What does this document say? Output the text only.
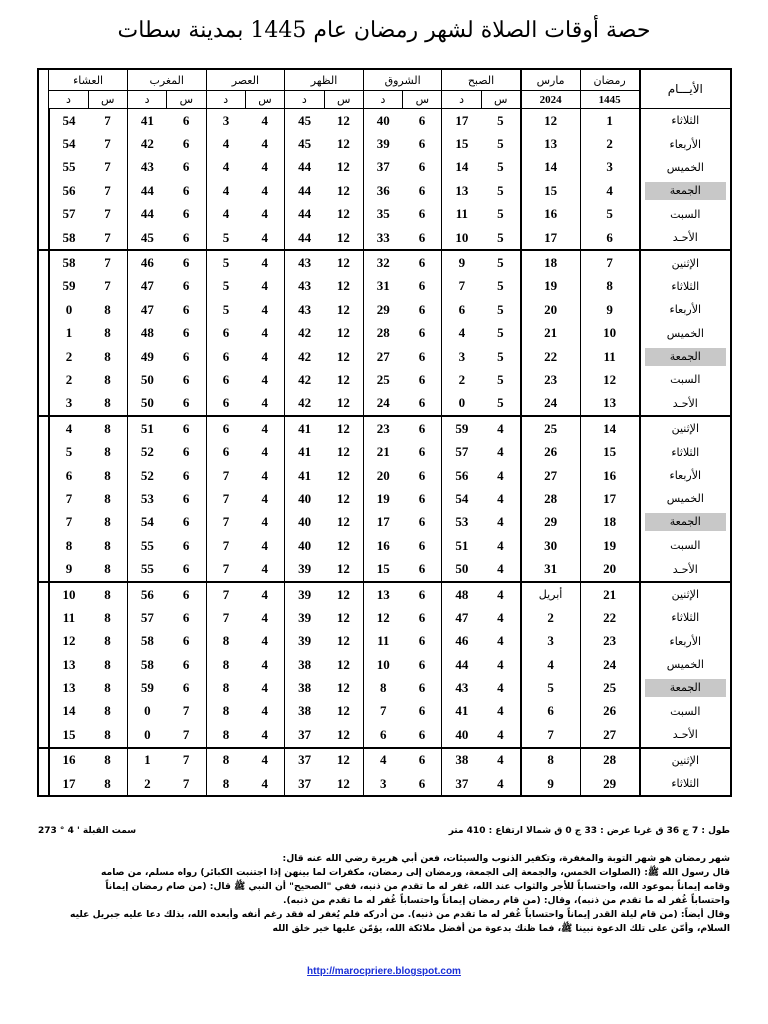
حصة أوقات الصلاة لشهر رمضان عام 1445 بمدينة سطات
الأيـــام	رمضان	مارس	الصبح		الشروق		الظهر		العصر		المغرب		العشاء		
	1445	2024	س	د	س	د	س	د	س	د	س	د	س	د	
الثلاثاء	1	12	5	17	6	40	12	45	4	3	6	41	7	54	
الأربعاء	2	13	5	15	6	39	12	45	4	4	6	42	7	54	
الخميس	3	14	5	14	6	37	12	44	4	4	6	43	7	55	

الجمعة	4	15	5	13	6	36	12	44	4	4	6	44	7	56	
السبت	5	16	5	11	6	35	12	44	4	4	6	44	7	57	
الأحـد	6	17	5	10	6	33	12	44	4	5	6	45	7	58	
الإثنين	7	18	5	9	6	32	12	43	4	5	6	46	7	58	
الثلاثاء	8	19	5	7	6	31	12	43	4	5	6	47	7	59	
الأربعاء	9	20	5	6	6	29	12	43	4	5	6	47	8	0	
الخميس	10	21	5	4	6	28	12	42	4	6	6	48	8	1	

الجمعة	11	22	5	3	6	27	12	42	4	6	6	49	8	2	
السبت	12	23	5	2	6	25	12	42	4	6	6	50	8	2	
الأحـد	13	24	5	0	6	24	12	42	4	6	6	50	8	3	
الإثنين	14	25	4	59	6	23	12	41	4	6	6	51	8	4	
الثلاثاء	15	26	4	57	6	21	12	41	4	6	6	52	8	5	
الأربعاء	16	27	4	56	6	20	12	41	4	7	6	52	8	6	
الخميس	17	28	4	54	6	19	12	40	4	7	6	53	8	7	

الجمعة	18	29	4	53	6	17	12	40	4	7	6	54	8	7	
السبت	19	30	4	51	6	16	12	40	4	7	6	55	8	8	
الأحـد	20	31	4	50	6	15	12	39	4	7	6	55	8	9	
الإثنين	21	أبريل	4	48	6	13	12	39	4	7	6	56	8	10	
الثلاثاء	22	2	4	47	6	12	12	39	4	7	6	57	8	11	
الأربعاء	23	3	4	46	6	11	12	39	4	8	6	58	8	12	
الخميس	24	4	4	44	6	10	12	38	4	8	6	58	8	13	

الجمعة	25	5	4	43	6	8	12	38	4	8	6	59	8	13	
السبت	26	6	4	41	6	7	12	38	4	8	7	0	8	14	
الأحـد	27	7	4	40	6	6	12	37	4	8	7	0	8	15	
الإثنين	28	8	4	38	6	4	12	37	4	8	7	1	8	16	
الثلاثاء	29	9	4	37	6	3	12	37	4	8	7	2	8	17	
طول : 7 ج 36 ق غربا عرض : 33 ج 0 ق شمالا ارتفاع : 410 متر
سمت القبلة ' 4 ° 273

شهر رمضان هو شهر التوبة والمغفرة، وتكفير الذنوب والسيئات، فعن أبي هريرة رضي الله عنه قال:

قال رسول الله ﷺ: (الصلوات الخمس، والجمعة إلى الجمعة، ورمضان إلى رمضان، مكفرات لما بينهن إذا اجتنبت الكبائر) رواه مسلم، من صامه

وقامه إيماناً بموعود الله، واحتساباً للأجر والثواب عند الله، غفر له ما تقدم من ذنبه، ففي "الصحيح" أن النبي ﷺ قال: (من صام رمضان إيماناً

واحتساباً غُفر له ما تقدم من ذنبه)، وقال: (من قام رمضان إيماناً واحتساباً غُفر له ما تقدم من ذنبه).

وقال أيضاً: (من قام ليلة القدر إيماناً واحتساباً غُفر له ما تقدم من ذنبه). من أدركه فلم يُغفر له فقد رغم أنفه وأبعده الله، بذلك دعا عليه جبريل عليه

السلام، وأمّن على تلك الدعوة نبينا ﷺ، فما ظنك بدعوة من أفضل ملائكة الله، يؤمّن عليها خير خلق الله

http://marocpriere.blogspot.com
